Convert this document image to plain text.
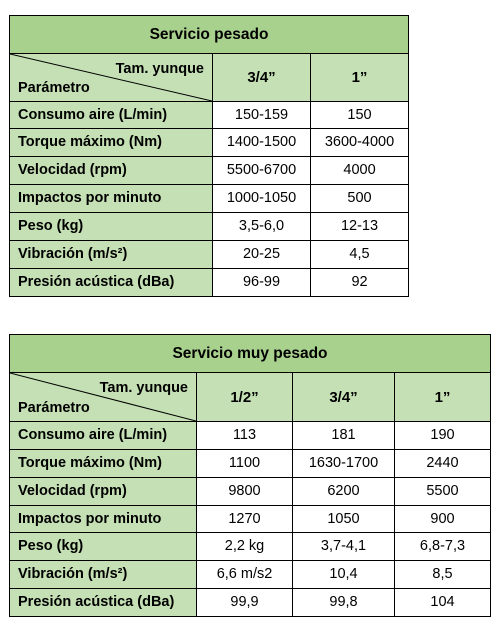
Servicio pesado		

Tam. yunque
Parámetro	3/4”	1”
Consumo aire (L/min)	150-159	150
Torque máximo (Nm)	1400-1500	3600-4000
Velocidad (rpm)	5500-6700	4000
Impactos por minuto	1000-1050	500
Peso (kg)	3,5-6,0	12-13
Vibración (m/s²)	20-25	4,5
Presión acústica (dBa)	96-99	92
Servicio muy pesado			

Tam. yunque
Parámetro	1/2”	3/4”	1”
Consumo aire (L/min)	113	181	190
Torque máximo (Nm)	1100	1630-1700	2440
Velocidad (rpm)	9800	6200	5500
Impactos por minuto	1270	1050	900
Peso (kg)	2,2 kg	3,7-4,1	6,8-7,3
Vibración (m/s²)	6,6 m/s2	10,4	8,5
Presión acústica (dBa)	99,9	99,8	104
